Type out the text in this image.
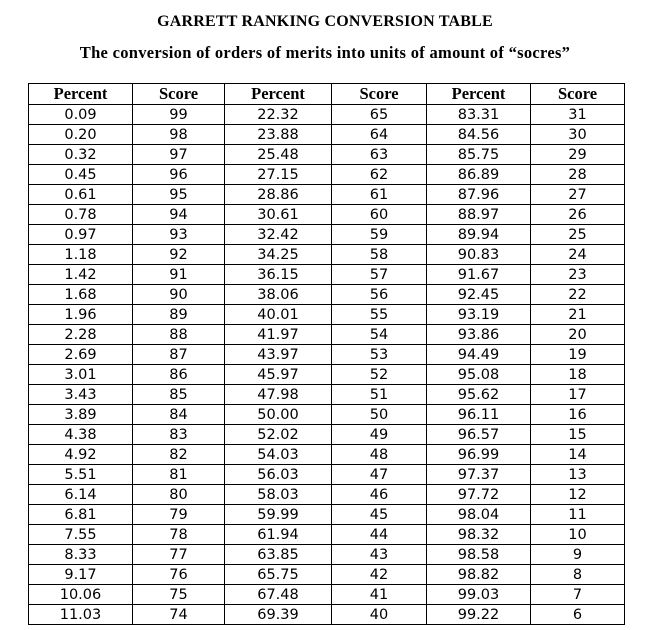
GARRETT RANKING CONVERSION TABLE
The conversion of orders of merits into units of amount of “socres”
Percent	Score	Percent	Score	Percent	Score
0.09	99	22.32	65	83.31	31
0.20	98	23.88	64	84.56	30
0.32	97	25.48	63	85.75	29
0.45	96	27.15	62	86.89	28
0.61	95	28.86	61	87.96	27
0.78	94	30.61	60	88.97	26
0.97	93	32.42	59	89.94	25
1.18	92	34.25	58	90.83	24
1.42	91	36.15	57	91.67	23
1.68	90	38.06	56	92.45	22
1.96	89	40.01	55	93.19	21
2.28	88	41.97	54	93.86	20
2.69	87	43.97	53	94.49	19
3.01	86	45.97	52	95.08	18
3.43	85	47.98	51	95.62	17
3.89	84	50.00	50	96.11	16
4.38	83	52.02	49	96.57	15
4.92	82	54.03	48	96.99	14
5.51	81	56.03	47	97.37	13
6.14	80	58.03	46	97.72	12
6.81	79	59.99	45	98.04	11
7.55	78	61.94	44	98.32	10
8.33	77	63.85	43	98.58	9
9.17	76	65.75	42	98.82	8
10.06	75	67.48	41	99.03	7
11.03	74	69.39	40	99.22	6
